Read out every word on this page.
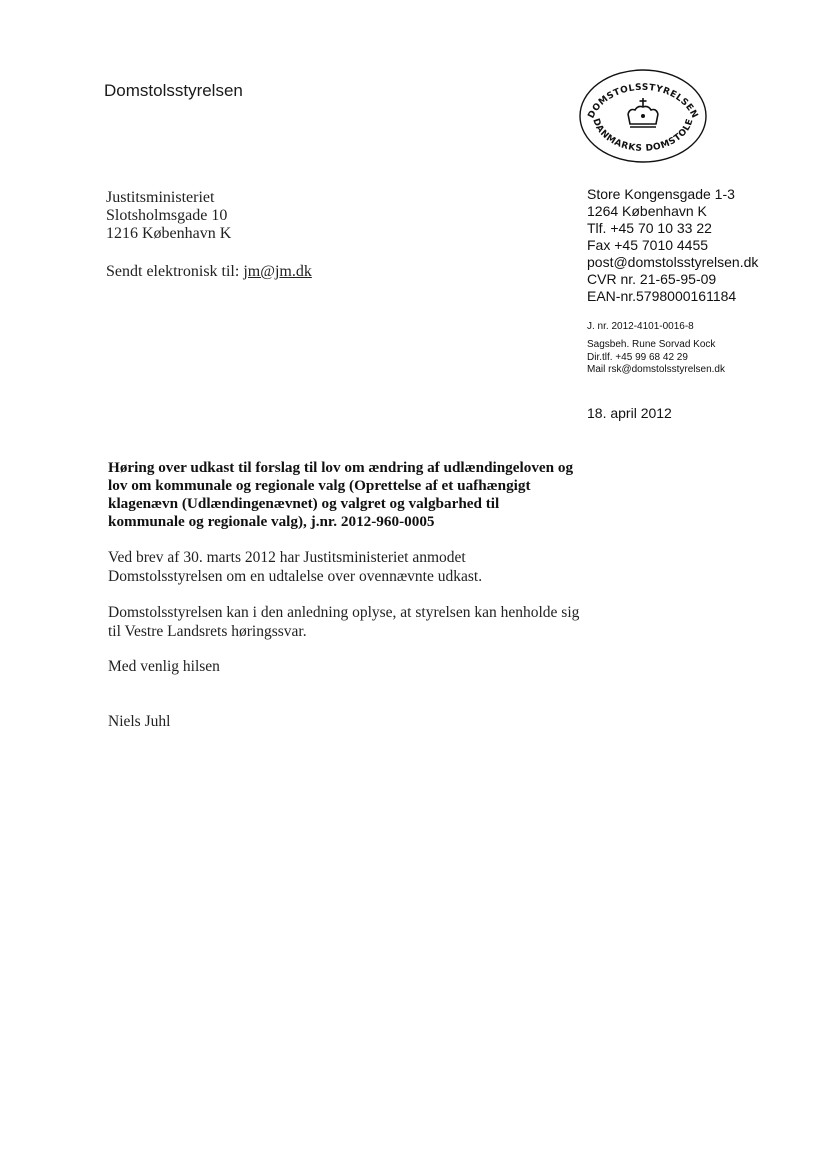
Domstolsstyrelsen
DOMSTOLSSTYRELSEN
DANMARKS DOMSTOLE
Justitsministeriet
Slotsholmsgade 10
1216 København K
Sendt elektronisk til: jm@jm.dk
Store Kongensgade 1-3
1264 København K
Tlf. +45 70 10 33 22
Fax +45 7010 4455
post@domstolsstyrelsen.dk
CVR nr. 21-65-95-09
EAN-nr.5798000161184
J. nr. 2012-4101-0016-8
Sagsbeh. Rune Sorvad Kock
Dir.tlf. +45 99 68 42 29
Mail rsk@domstolsstyrelsen.dk
18. april 2012
Høring over udkast til forslag til lov om ændring af udlændingeloven og
lov om kommunale og regionale valg (Oprettelse af et uafhængigt
klagenævn (Udlændingenævnet) og valgret og valgbarhed til
kommunale og regionale valg), j.nr. 2012-960-0005
Ved brev af 30. marts 2012 har Justitsministeriet anmodet
Domstolsstyrelsen om en udtalelse over ovennævnte udkast.
Domstolsstyrelsen kan i den anledning oplyse, at styrelsen kan henholde sig
til Vestre Landsrets høringssvar.
Med venlig hilsen
Niels Juhl
